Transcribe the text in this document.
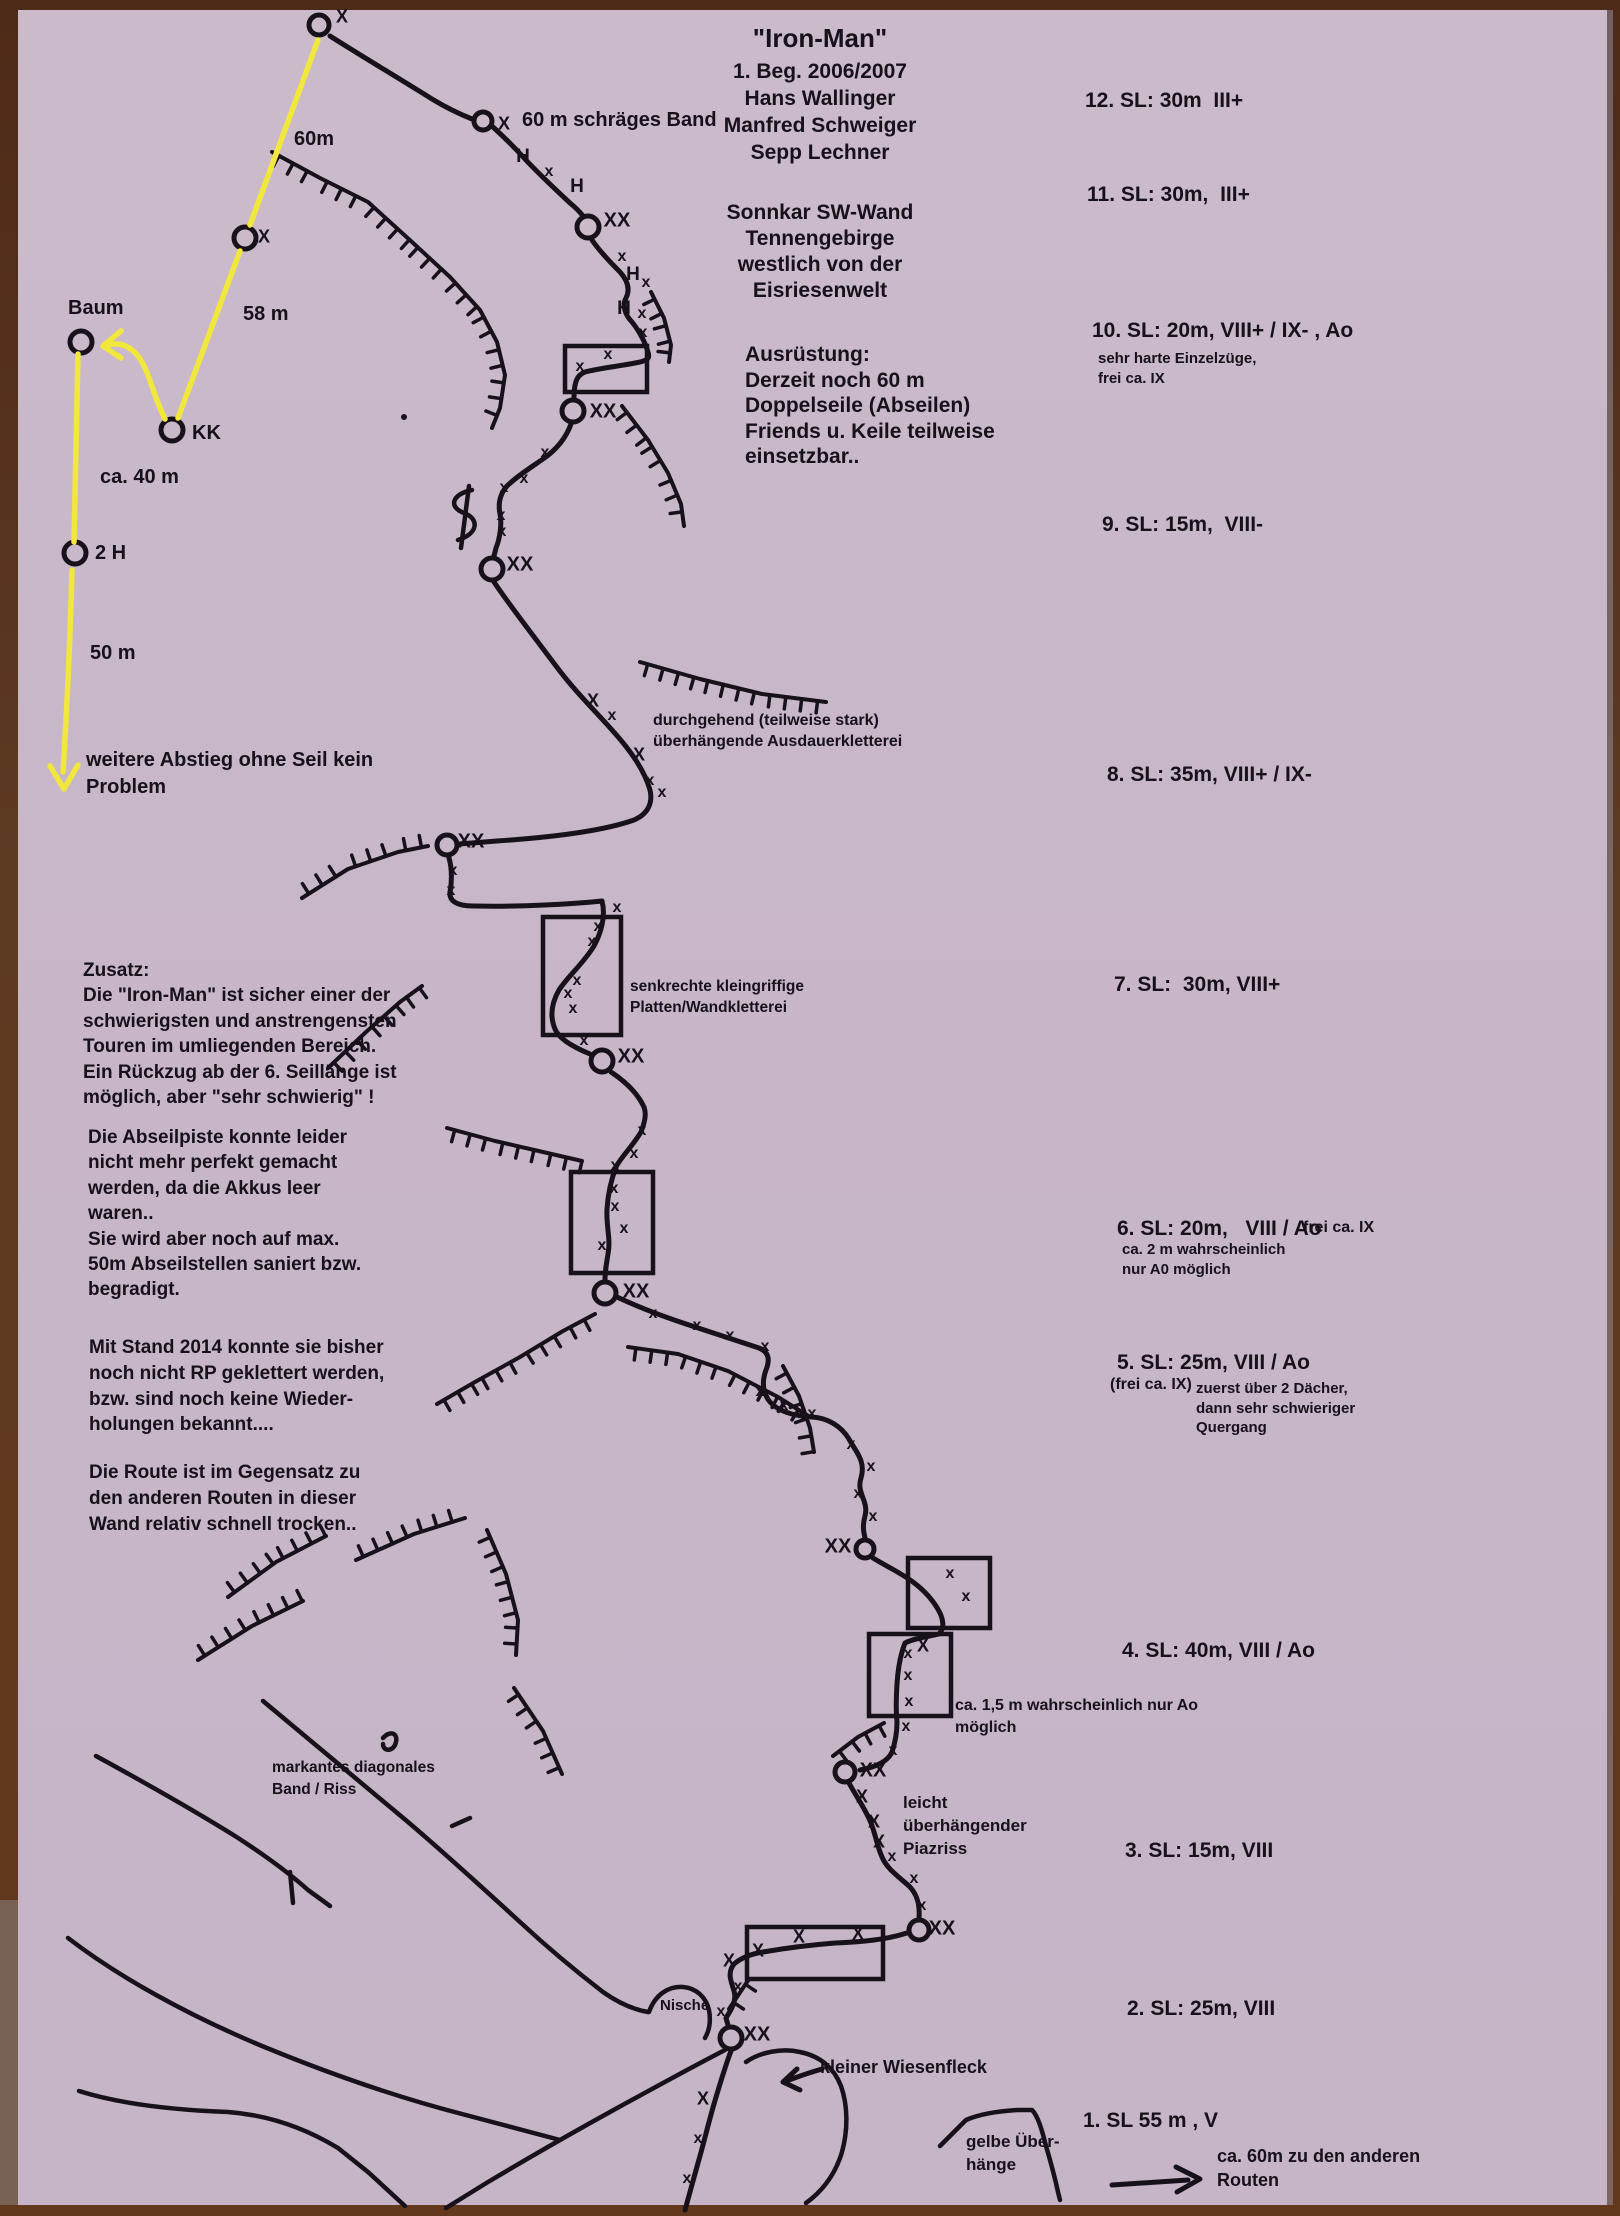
"Iron-Man"
1. Beg. 2006/2007
Hans Wallinger
Manfred Schweiger
Sepp Lechner
Sonnkar SW-Wand
Tennengebirge
westlich von der
Eisriesenwelt
Ausrüstung:
Derzeit noch 60 m
Doppelseile (Abseilen)
Friends u. Keile teilweise
einsetzbar..
Zusatz:
Die "Iron-Man" ist sicher einer der
schwierigsten und anstrengensten
Touren im umliegenden Bereich.
Ein Rückzug ab der 6. Seillänge ist
möglich, aber "sehr schwierig" !
Die Abseilpiste konnte leider
nicht mehr perfekt gemacht
werden, da die Akkus leer
waren..
Sie wird aber noch auf max.
50m Abseilstellen saniert bzw.
begradigt.
Mit Stand 2014 konnte sie bisher
noch nicht RP geklettert werden,
bzw. sind noch keine Wieder-
holungen bekannt....
Die Route ist im Gegensatz zu
den anderen Routen in dieser
Wand relativ schnell trocken..
60m
58 m
Baum
KK
ca. 40 m
2 H
50 m
weitere Abstieg ohne Seil kein
Problem
60 m schräges Band
durchgehend (teilweise stark)
überhängende Ausdauerkletterei
senkrechte kleingriffige
Platten/Wandkletterei
ca. 1,5 m wahrscheinlich nur Ao
möglich
leicht
überhängender
Piazriss
markantes diagonales
Band / Riss
Nische
kleiner Wiesenfleck
gelbe Über-
hänge
12. SL: 30m  III+
11. SL: 30m,  III+
10. SL: 20m, VIII+ / IX- , Ao
sehr harte Einzelzüge,
frei ca. IX
9. SL: 15m,  VIII-
8. SL: 35m, VIII+ / IX-
7. SL:  30m, VIII+
6. SL: 20m,   VIII / Ao
frei ca. IX
ca. 2 m wahrscheinlich
nur A0 möglich
5. SL: 25m, VIII / Ao
(frei ca. IX) zuerst über 2 Dächer,
dann sehr schwieriger
Quergang
4. SL: 40m, VIII / Ao
3. SL: 15m, VIII
2. SL: 25m, VIII
1. SL 55 m , V
ca. 60m zu den anderen
Routen
X
X
X
H
x
H
XX
x
H x
H x
x
x
x
XX
x
x
x
x
x
XX
X
x
X
x
x
XX
x
x
x
x
x
x
x
x
x
XX
x
x
x
x
x
x
x
XX
x
x
x
x
x
x x
x
x
x
x
XX
x
x
X
x
x
x
x
x
XX
X
X
X
x
x
x
XX
X
X
X
X
x
x
XX
X
x
x
